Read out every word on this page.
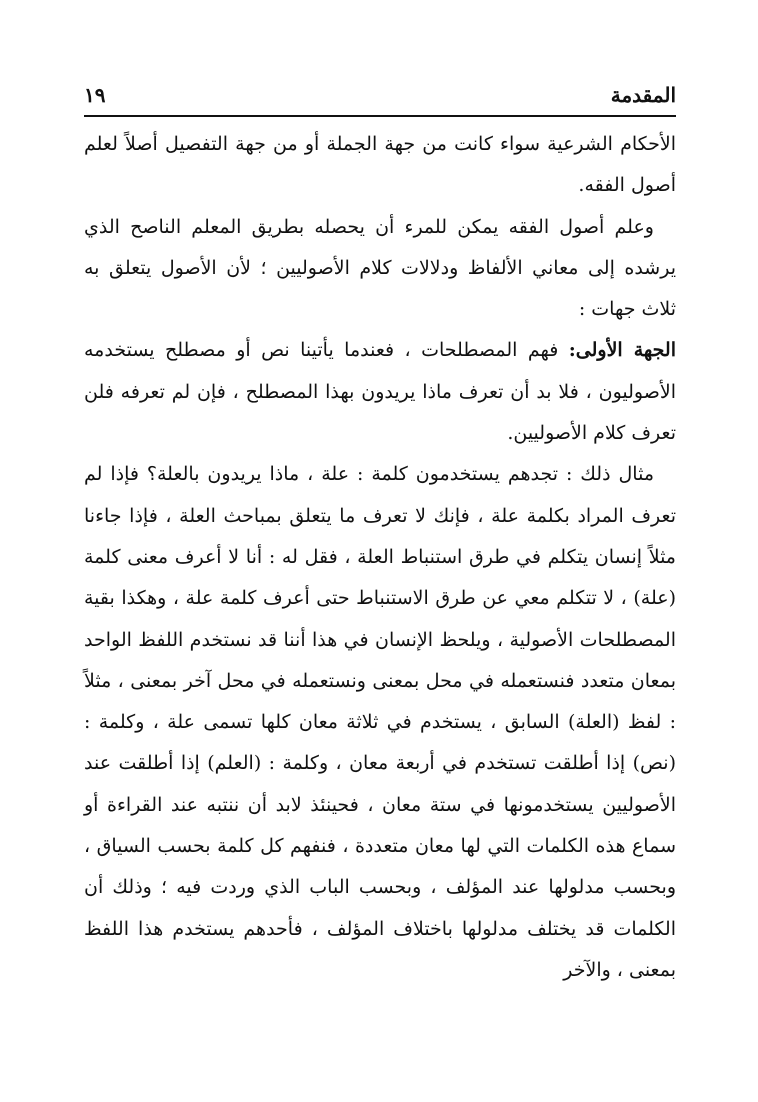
المقدمة
١٩

الأحكام الشرعية سواء كانت من جهة الجملة أو من جهة التفصيل أصلاً لعلم أصول الفقه.

وعلم أصول الفقه يمكن للمرء أن يحصله بطريق المعلم الناصح الذي يرشده إلى معاني الألفاظ ودلالات كلام الأصوليين ؛ لأن الأصول يتعلق به ثلاث جهات :

الجهة الأولى: فهم المصطلحات ، فعندما يأتينا نص أو مصطلح يستخدمه الأصوليون ، فلا بد أن تعرف ماذا يريدون بهذا المصطلح ، فإن لم تعرفه فلن تعرف كلام الأصوليين.

مثال ذلك : تجدهم يستخدمون كلمة : علة ، ماذا يريدون بالعلة؟ فإذا لم تعرف المراد بكلمة علة ، فإنك لا تعرف ما يتعلق بمباحث العلة ، فإذا جاءنا مثلاً إنسان يتكلم في طرق استنباط العلة ، فقل له : أنا لا أعرف معنى كلمة (علة) ، لا تتكلم معي عن طرق الاستنباط حتى أعرف كلمة علة ، وهكذا بقية المصطلحات الأصولية ، ويلحظ الإنسان في هذا أننا قد نستخدم اللفظ الواحد بمعان متعدد فنستعمله في محل بمعنى ونستعمله في محل آخر بمعنى ، مثلاً : لفظ (العلة) السابق ، يستخدم في ثلاثة معان كلها تسمى علة ، وكلمة : (نص) إذا أطلقت تستخدم في أربعة معان ، وكلمة : (العلم) إذا أطلقت عند الأصوليين يستخدمونها في ستة معان ، فحينئذ لابد أن ننتبه عند القراءة أو سماع هذه الكلمات التي لها معان متعددة ، فنفهم كل كلمة بحسب السياق ، وبحسب مدلولها عند المؤلف ، وبحسب الباب الذي وردت فيه ؛ وذلك أن الكلمات قد يختلف مدلولها باختلاف المؤلف ، فأحدهم يستخدم هذا اللفظ بمعنى ، والآخر
